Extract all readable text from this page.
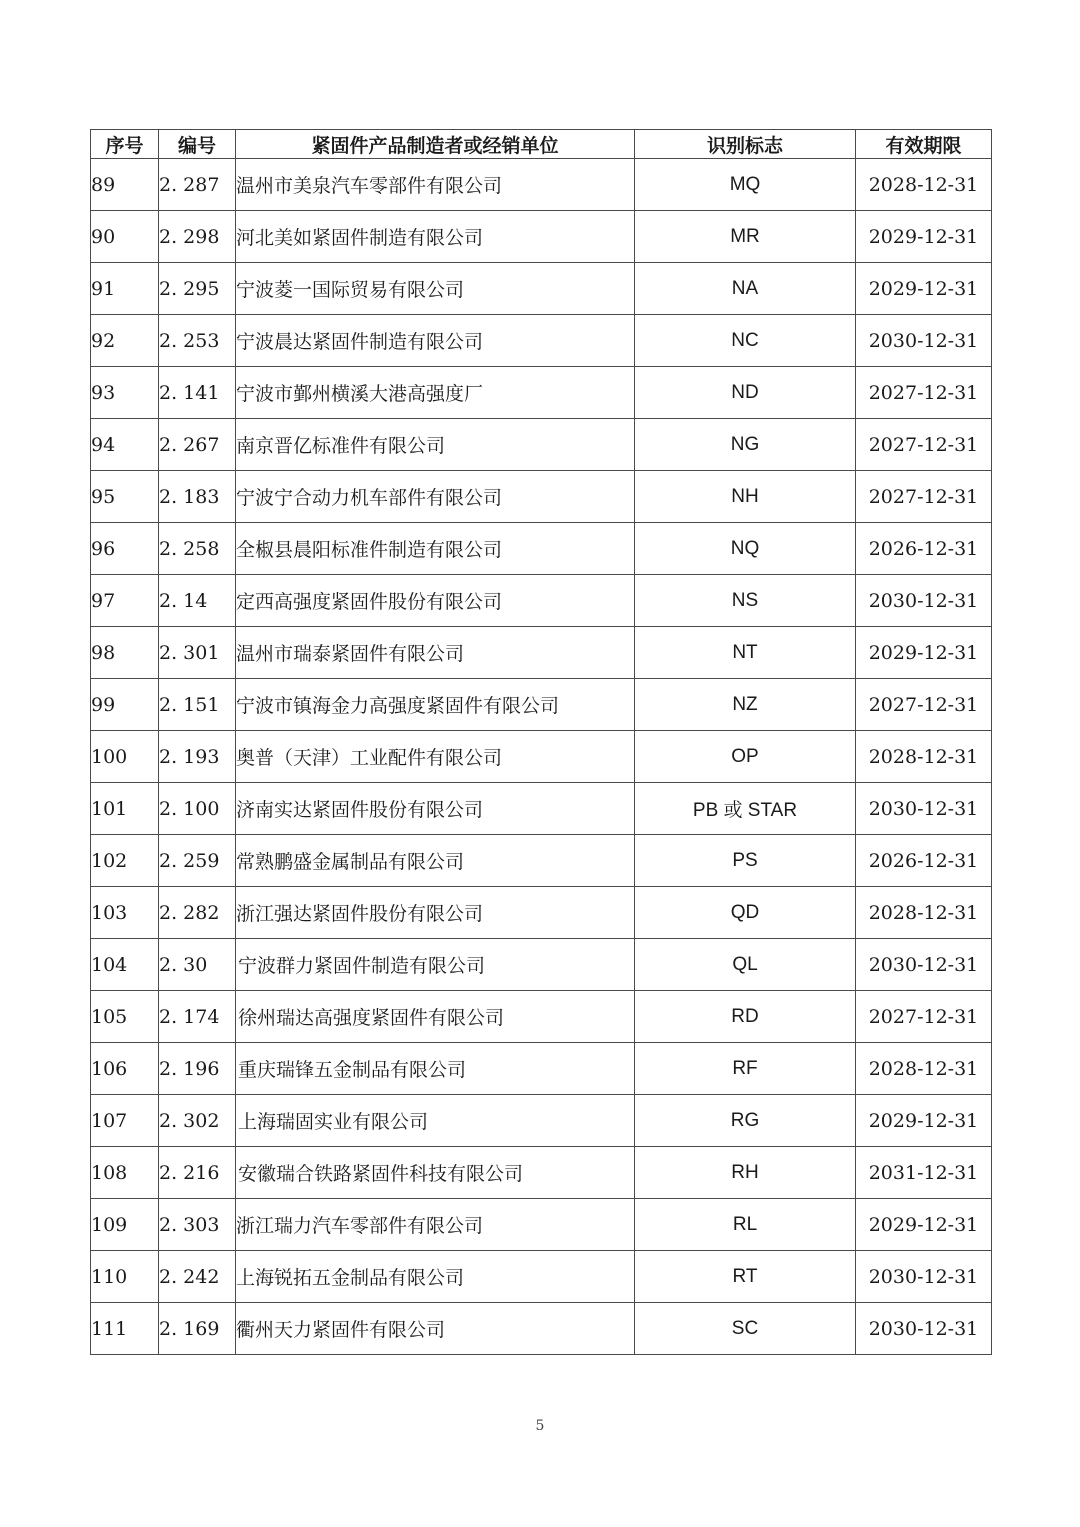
序号	编号	紧固件产品制造者或经销单位	识别标志	有效期限
89	2. 287	温州市美泉汽车零部件有限公司	MQ	2028-12-31
90	2. 298	河北美如紧固件制造有限公司	MR	2029-12-31
91	2. 295	宁波菱一国际贸易有限公司	NA	2029-12-31
92	2. 253	宁波晨达紧固件制造有限公司	NC	2030-12-31
93	2. 141	宁波市鄞州横溪大港高强度厂	ND	2027-12-31
94	2. 267	南京晋亿标准件有限公司	NG	2027-12-31
95	2. 183	宁波宁合动力机车部件有限公司	NH	2027-12-31
96	2. 258	全椒县晨阳标准件制造有限公司	NQ	2026-12-31
97	2. 14	定西高强度紧固件股份有限公司	NS	2030-12-31
98	2. 301	温州市瑞泰紧固件有限公司	NT	2029-12-31
99	2. 151	宁波市镇海金力高强度紧固件有限公司	NZ	2027-12-31
100	2. 193	奥普（天津）工业配件有限公司	OP	2028-12-31
101	2. 100	济南实达紧固件股份有限公司	PB 或 STAR	2030-12-31
102	2. 259	常熟鹏盛金属制品有限公司	PS	2026-12-31
103	2. 282	浙江强达紧固件股份有限公司	QD	2028-12-31
104	2. 30	宁波群力紧固件制造有限公司	QL	2030-12-31
105	2. 174	徐州瑞达高强度紧固件有限公司	RD	2027-12-31
106	2. 196	重庆瑞锋五金制品有限公司	RF	2028-12-31
107	2. 302	上海瑞固实业有限公司	RG	2029-12-31
108	2. 216	安徽瑞合铁路紧固件科技有限公司	RH	2031-12-31
109	2. 303	浙江瑞力汽车零部件有限公司	RL	2029-12-31
110	2. 242	上海锐拓五金制品有限公司	RT	2030-12-31
111	2. 169	衢州天力紧固件有限公司	SC	2030-12-31
5
